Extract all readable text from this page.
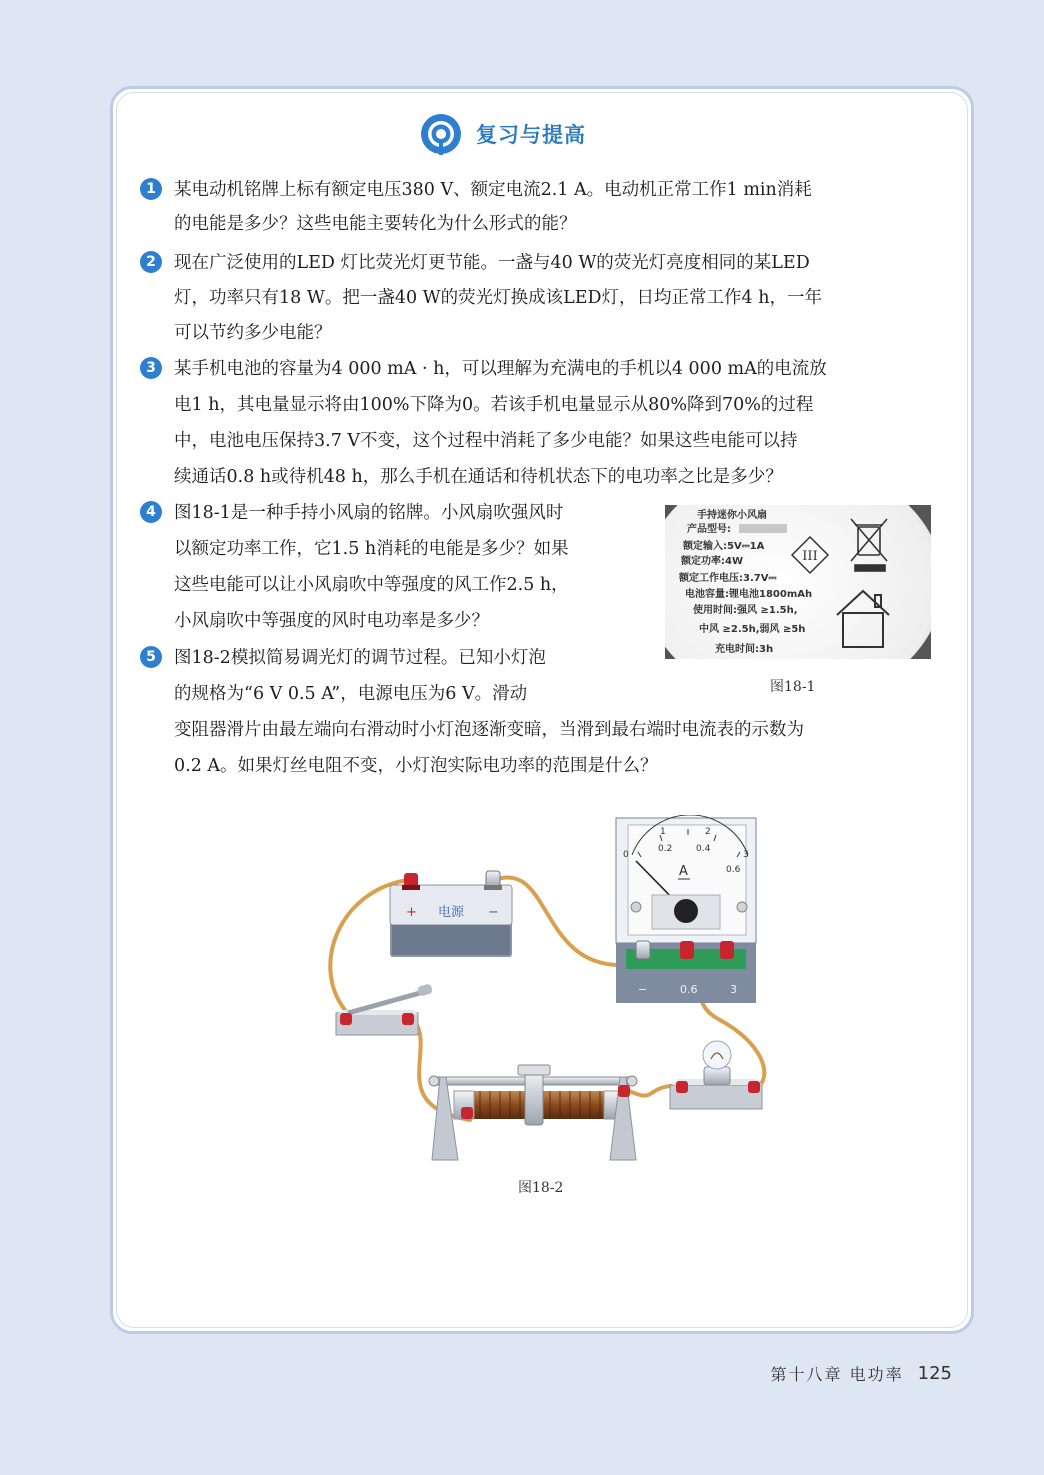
复习与提高
1	某电动机铭牌上标有额定电压380 V、额定电流2.1 A。电动机正常工作1 min消耗
的电能是多少？这些电能主要转化为什么形式的能？
2	现在广泛使用的LED 灯比荧光灯更节能。一盏与40 W的荧光灯亮度相同的某LED
灯，功率只有18 W。把一盏40 W的荧光灯换成该LED灯，日均正常工作4 h，一年
可以节约多少电能？
3	某手机电池的容量为4 000 mA · h，可以理解为充满电的手机以4 000 mA的电流放
电1 h，其电量显示将由100%下降为0。若该手机电量显示从80%降到70%的过程
中，电池电压保持3.7 V不变，这个过程中消耗了多少电能？如果这些电能可以持
续通话0.8 h或待机48 h，那么手机在通话和待机状态下的电功率之比是多少？
4	图18-1是一种手持小风扇的铭牌。小风扇吹强风时
以额定功率工作，它1.5 h消耗的电能是多少？如果
这些电能可以让小风扇吹中等强度的风工作2.5 h，
小风扇吹中等强度的风时电功率是多少？
5	图18-2模拟简易调光灯的调节过程。已知小灯泡
的规格为“6 V 0.5 A”，电源电压为6 V。滑动
变阻器滑片由最左端向右滑动时小灯泡逐渐变暗，当滑到最右端时电流表的示数为
0.2 A。如果灯丝电阻不变，小灯泡实际电功率的范围是什么？
手持迷你小风扇
产品型号:
额定输入:5V⎓1A
额定功率:4W
额定工作电压:3.7V⎓
电池容量:锂电池1800mAh
使用时间:强风 ≥1.5h,
中风 ≥2.5h,弱风 ≥5h
充电时间:3h
III
图18-1
+ 电源 −
1	2
3
0
0.2	0.4
0.6
A
−	0.6	3
图18-2
第十八章 电功率 125
